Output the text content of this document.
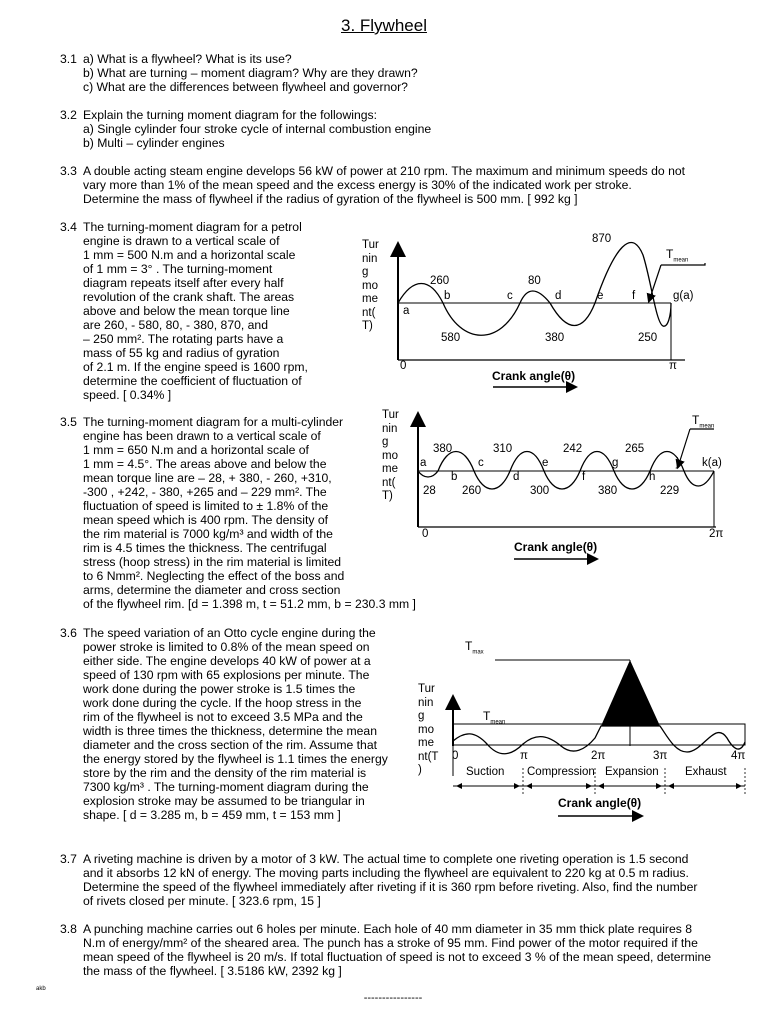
3. Flywheel
3.1 a) What is a flywheel? What is its use?
b) What are turning – moment diagram? Why are they drawn?
c) What are the differences between flywheel and governor?
3.2 Explain the turning moment diagram for the followings:
a) Single cylinder four stroke cycle of internal combustion engine
b) Multi – cylinder engines
3.3 A double acting steam engine develops 56 kW of power at 210 rpm. The maximum and minimum speeds do not
vary more than 1% of the mean speed and the excess energy is 30% of the indicated work per stroke.
Determine the mass of flywheel if the radius of gyration of the flywheel is 500 mm. [ 992 kg ]
3.4 The turning-moment diagram for a petrol
engine is drawn to a vertical scale of
1 mm = 500 N.m and a horizontal scale
of 1 mm = 3° . The turning-moment
diagram repeats itself after every half
revolution of the crank shaft. The areas
above and below the mean torque line
are 260, - 580, 80, - 380, 870, and
– 250 mm². The rotating parts have a
mass of 55 kg and radius of gyration
of 2.1 m. If the engine speed is 1600 rpm,
determine the coefficient of fluctuation of
speed. [ 0.34% ]
Tur
nin
g
mo
me
nt(
T)
260	80
870
580	380	250
a
b	c	d	e f	g(a)
$T_{mean}$
0	π
Crank angle(θ)
3.5 The turning-moment diagram for a multi-cylinder
engine has been drawn to a vertical scale of
1 mm = 650 N.m and a horizontal scale of
1 mm = 4.5°. The areas above and below the
mean torque line are – 28, + 380, - 260, +310,
-300 , +242, - 380, +265 and – 229 mm². The
fluctuation of speed is limited to ± 1.8% of the
mean speed which is 400 rpm. The density of
the rim material is 7000 kg/m³ and width of the
rim is 4.5 times the thickness. The centrifugal
stress (hoop stress) in the rim material is limited
to 6 Nmm². Neglecting the effect of the boss and
arms, determine the diameter and cross section
of the flywheel rim. [d = 1.398 m, t = 51.2 mm, b = 230.3 mm ]
Tur
nin
g
mo
me
nt(
T)
380	310	242	265
28 260	300	380	229
a	c	e	g	j k(a)
b	d	f	h
$T_{mean}$
0	2π
Crank angle(θ)
3.6 The speed variation of an Otto cycle engine during the
power stroke is limited to 0.8% of the mean speed on
either side. The engine develops 40 kW of power at a
speed of 130 rpm with 65 explosions per minute. The
work done during the power stroke is 1.5 times the
work done during the cycle. If the hoop stress in the
rim of the flywheel is not to exceed 3.5 MPa and the
width is three times the thickness, determine the mean
diameter and the cross section of the rim. Assume that
the energy stored by the flywheel is 1.1 times the energy
store by the rim and the density of the rim material is
7300 kg/m³ . The turning-moment diagram during the
explosion stroke may be assumed to be triangular in
shape. [ d = 3.285 m, b = 459 mm, t = 153 mm ]
Tur
nin
g
mo
me
nt(T
)
$T_{max}$
$T_{mean}$
0	π	2π	3π	4π
Suction Compression Expansion Exhaust
Crank angle(θ)
3.7 A riveting machine is driven by a motor of 3 kW. The actual time to complete one riveting operation is 1.5 second
and it absorbs 12 kN of energy. The moving parts including the flywheel are equivalent to 220 kg at 0.5 m radius.
Determine the speed of the flywheel immediately after riveting if it is 360 rpm before riveting. Also, find the number
of rivets closed per minute. [ 323.6 rpm, 15 ]
3.8 A punching machine carries out 6 holes per minute. Each hole of 40 mm diameter in 35 mm thick plate requires 8
N.m of energy/mm² of the sheared area. The punch has a stroke of 95 mm. Find power of the motor required if the
mean speed of the flywheel is 20 m/s. If total fluctuation of speed is not to exceed 3 % of the mean speed, determine
the mass of the flywheel. [ 3.5186 kW, 2392 kg ]
akb
----------------
